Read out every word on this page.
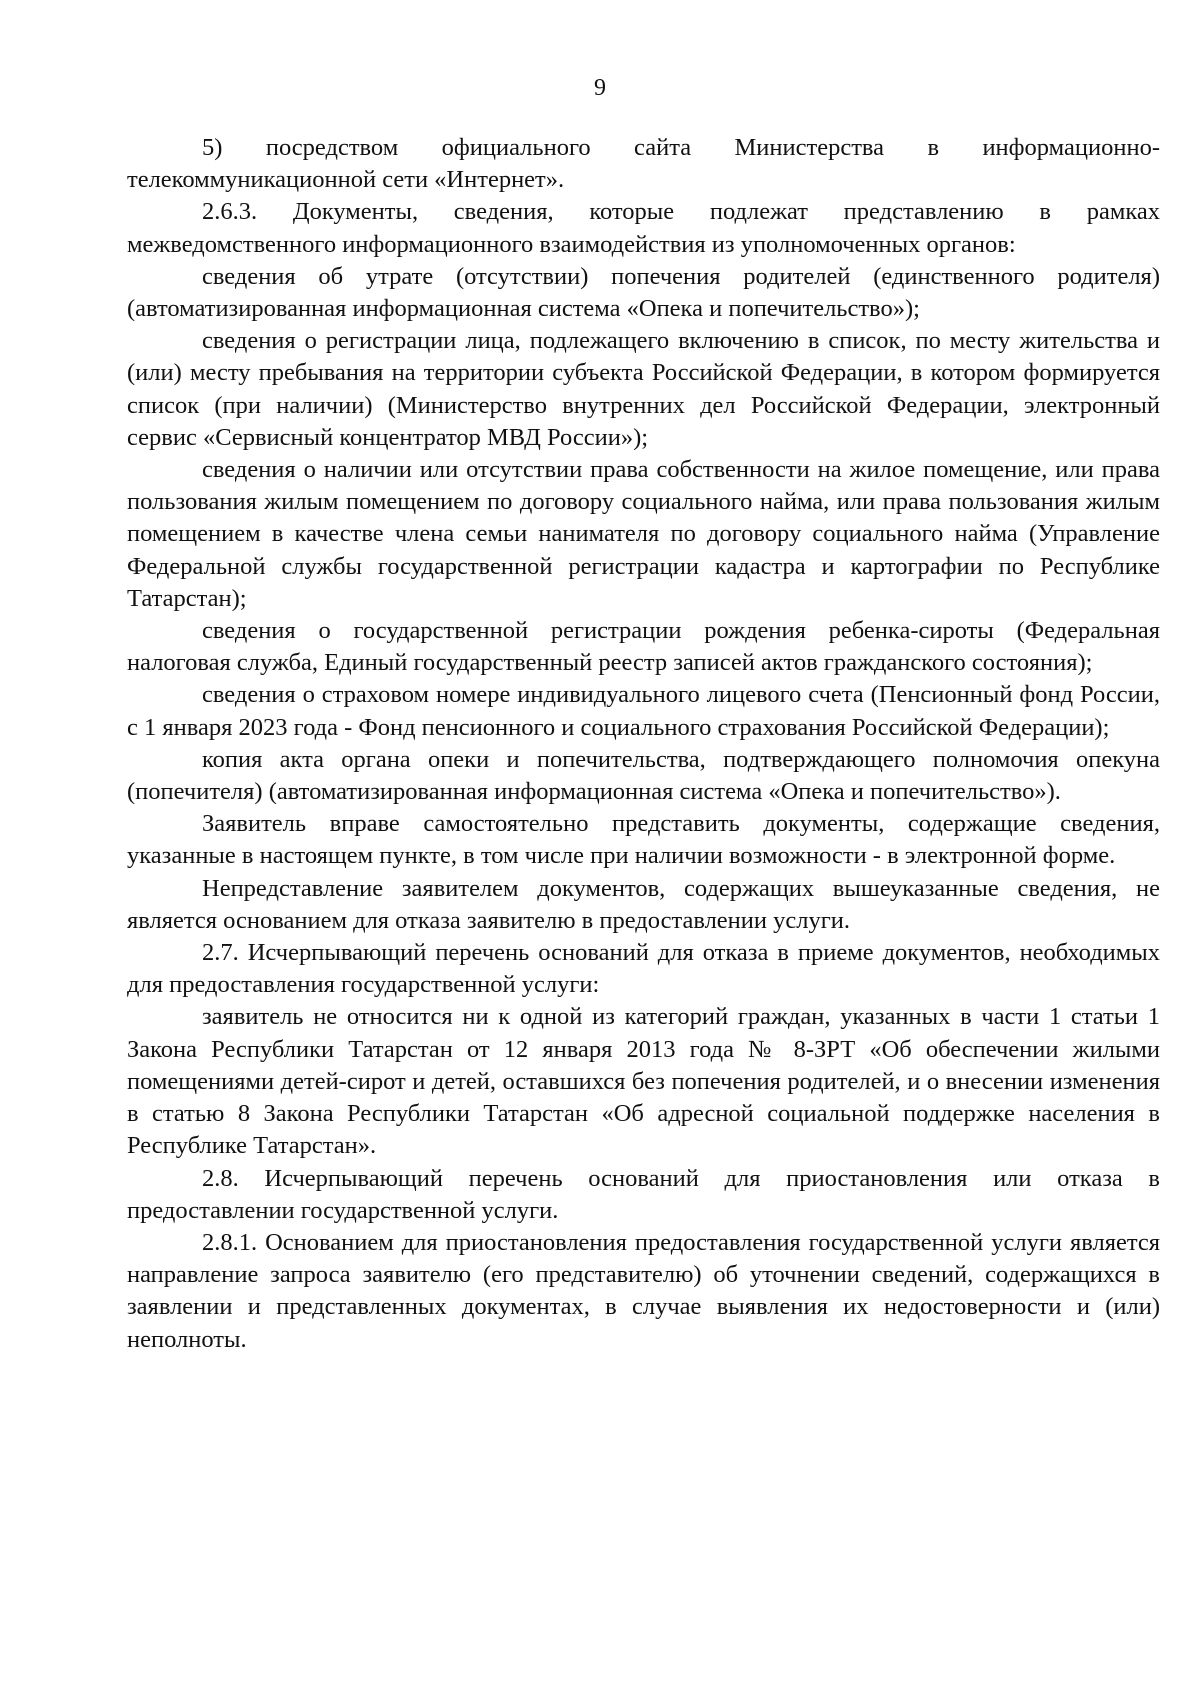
9

5) посредством официального сайта Министерства в информационно-телекоммуникационной сети «Интернет».

2.6.3. Документы, сведения, которые подлежат представлению в рамках межведомственного информационного взаимодействия из уполномоченных органов:

сведения об утрате (отсутствии) попечения родителей (единственного родителя) (автоматизированная информационная система «Опека и попечительство»);

сведения о регистрации лица, подлежащего включению в список, по месту жительства и (или) месту пребывания на территории субъекта Российской Федерации, в котором формируется список (при наличии) (Министерство внутренних дел Российской Федерации, электронный сервис «Сервисный концентратор МВД России»);

сведения о наличии или отсутствии права собственности на жилое помещение, или права пользования жилым помещением по договору социального найма, или права пользования жилым помещением в качестве члена семьи нанимателя по договору социального найма (Управление Федеральной службы государственной регистрации кадастра и картографии по Республике Татарстан);

сведения о государственной регистрации рождения ребенка-сироты (Федеральная налоговая служба, Единый государственный реестр записей актов гражданского состояния);

сведения о страховом номере индивидуального лицевого счета (Пенсионный фонд России, с 1 января 2023 года - Фонд пенсионного и социального страхования Российской Федерации);

копия акта органа опеки и попечительства, подтверждающего полномочия опекуна (попечителя) (автоматизированная информационная система «Опека и попечительство»).

Заявитель вправе самостоятельно представить документы, содержащие сведения, указанные в настоящем пункте, в том числе при наличии возможности - в электронной форме.

Непредставление заявителем документов, содержащих вышеуказанные сведения, не является основанием для отказа заявителю в предоставлении услуги.

2.7. Исчерпывающий перечень оснований для отказа в приеме документов, необходимых для предоставления государственной услуги:

заявитель не относится ни к одной из категорий граждан, указанных в части 1 статьи 1 Закона Республики Татарстан от 12 января 2013 года № 8-ЗРТ «Об обеспечении жилыми помещениями детей-сирот и детей, оставшихся без попечения родителей, и о внесении изменения в статью 8 Закона Республики Татарстан «Об адресной социальной поддержке населения в Республике Татарстан».

2.8. Исчерпывающий перечень оснований для приостановления или отказа в предоставлении государственной услуги.

2.8.1. Основанием для приостановления предоставления государственной услуги является направление запроса заявителю (его представителю) об уточнении сведений, содержащихся в заявлении и представленных документах, в случае выявления их недостоверности и (или) неполноты.
